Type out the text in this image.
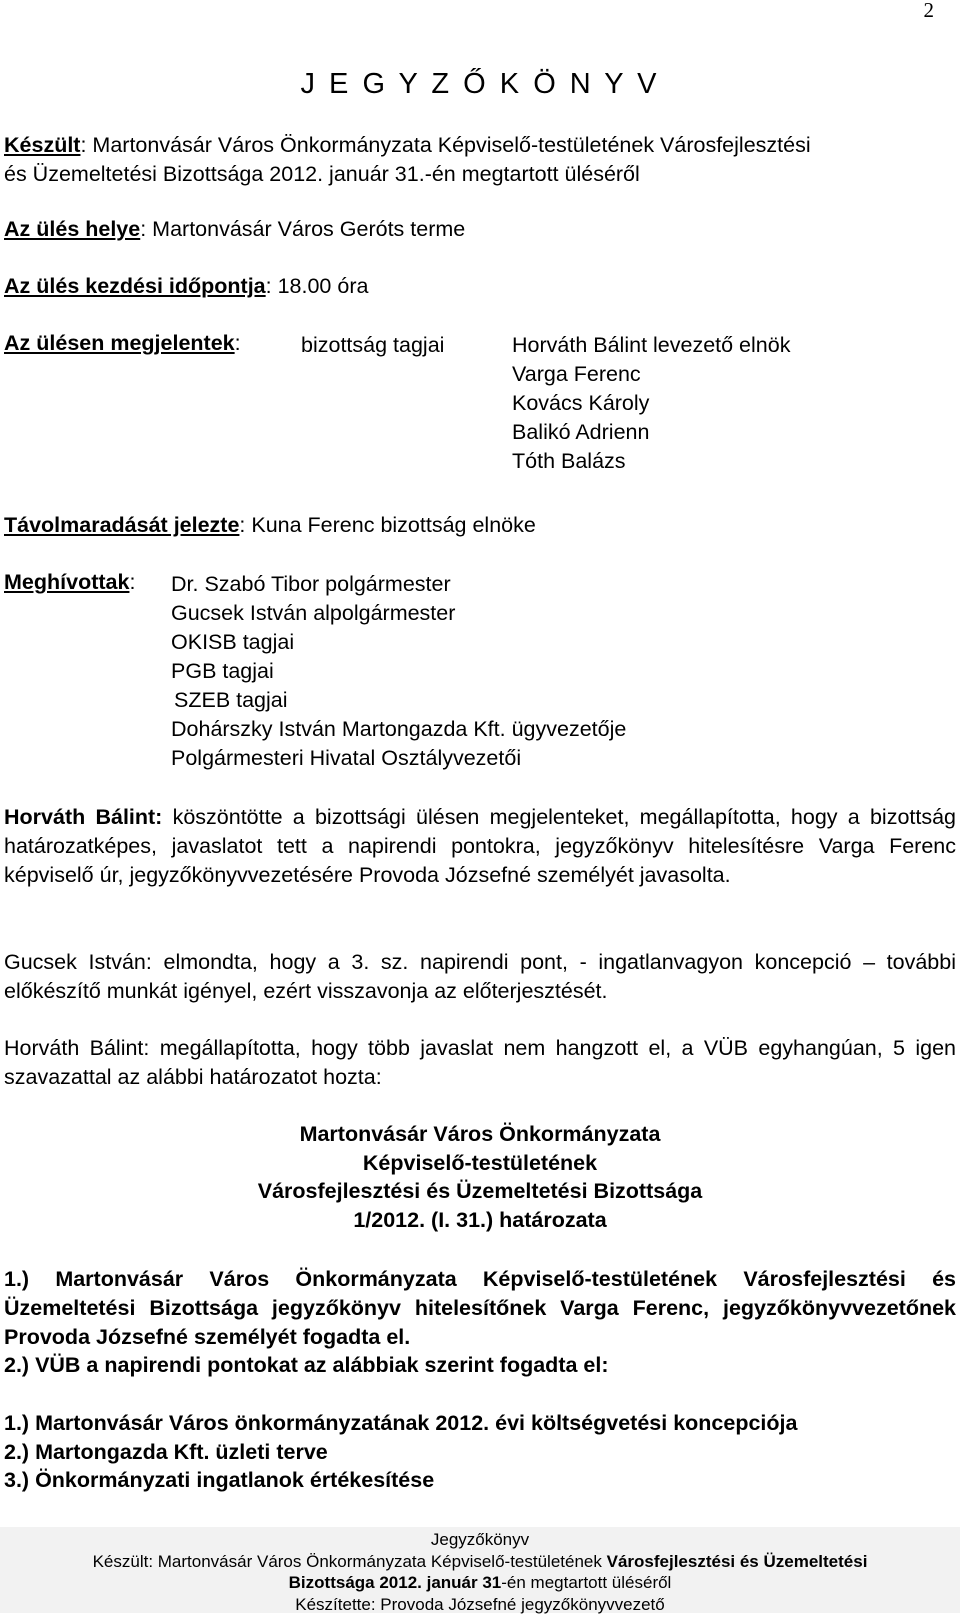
2
J E G Y Z Ő K Ö N Y V
Készült: Martonvásár Város Önkormányzata Képviselő-testületének Városfejlesztési
és Üzemeltetési Bizottsága 2012. január 31.-én megtartott üléséről
Az ülés helye: Martonvásár Város Geróts terme
Az ülés kezdési időpontja: 18.00 óra
Az ülésen megjelentek:	bizottság tagjai	Horváth Bálint levezető elnök
Varga Ferenc
Kovács Károly
Balikó Adrienn
Tóth Balázs
Távolmaradását jelezte: Kuna Ferenc bizottság elnöke
Meghívottak: Dr. Szabó Tibor polgármester
Gucsek István alpolgármester
OKISB tagjai
PGB tagjai
SZEB tagjai
Dohárszky István Martongazda Kft. ügyvezetője
Polgármesteri Hivatal Osztályvezetői
Horváth Bálint: köszöntötte a bizottsági ülésen megjelenteket, megállapította, hogy a bizottság határozatképes, javaslatot tett a napirendi pontokra, jegyzőkönyv hitelesítésre Varga Ferenc képviselő úr, jegyzőkönyvvezetésére Provoda Józsefné személyét javasolta.
Gucsek István: elmondta, hogy a 3. sz. napirendi pont, - ingatlanvagyon koncepció – további előkészítő munkát igényel, ezért visszavonja az előterjesztését.
Horváth Bálint: megállapította, hogy több javaslat nem hangzott el, a VÜB egyhangúan, 5 igen szavazattal az alábbi határozatot hozta:
Martonvásár Város Önkormányzata
Képviselő-testületének
Városfejlesztési és Üzemeltetési Bizottsága
1/2012. (I. 31.) határozata
1.) Martonvásár Város Önkormányzata Képviselő-testületének Városfejlesztési és Üzemeltetési Bizottsága jegyzőkönyv hitelesítőnek Varga Ferenc, jegyzőkönyvvezetőnek Provoda Józsefné személyét fogadta el.
2.) VÜB a napirendi pontokat az alábbiak szerint fogadta el:
1.) Martonvásár Város önkormányzatának 2012. évi költségvetési koncepciója
2.) Martongazda Kft. üzleti terve
3.) Önkormányzati ingatlanok értékesítése
Jegyzőkönyv
Készült: Martonvásár Város Önkormányzata Képviselő-testületének Városfejlesztési és Üzemeltetési
Bizottsága 2012. január 31-én megtartott üléséről
Készítette: Provoda Józsefné jegyzőkönyvvezető
